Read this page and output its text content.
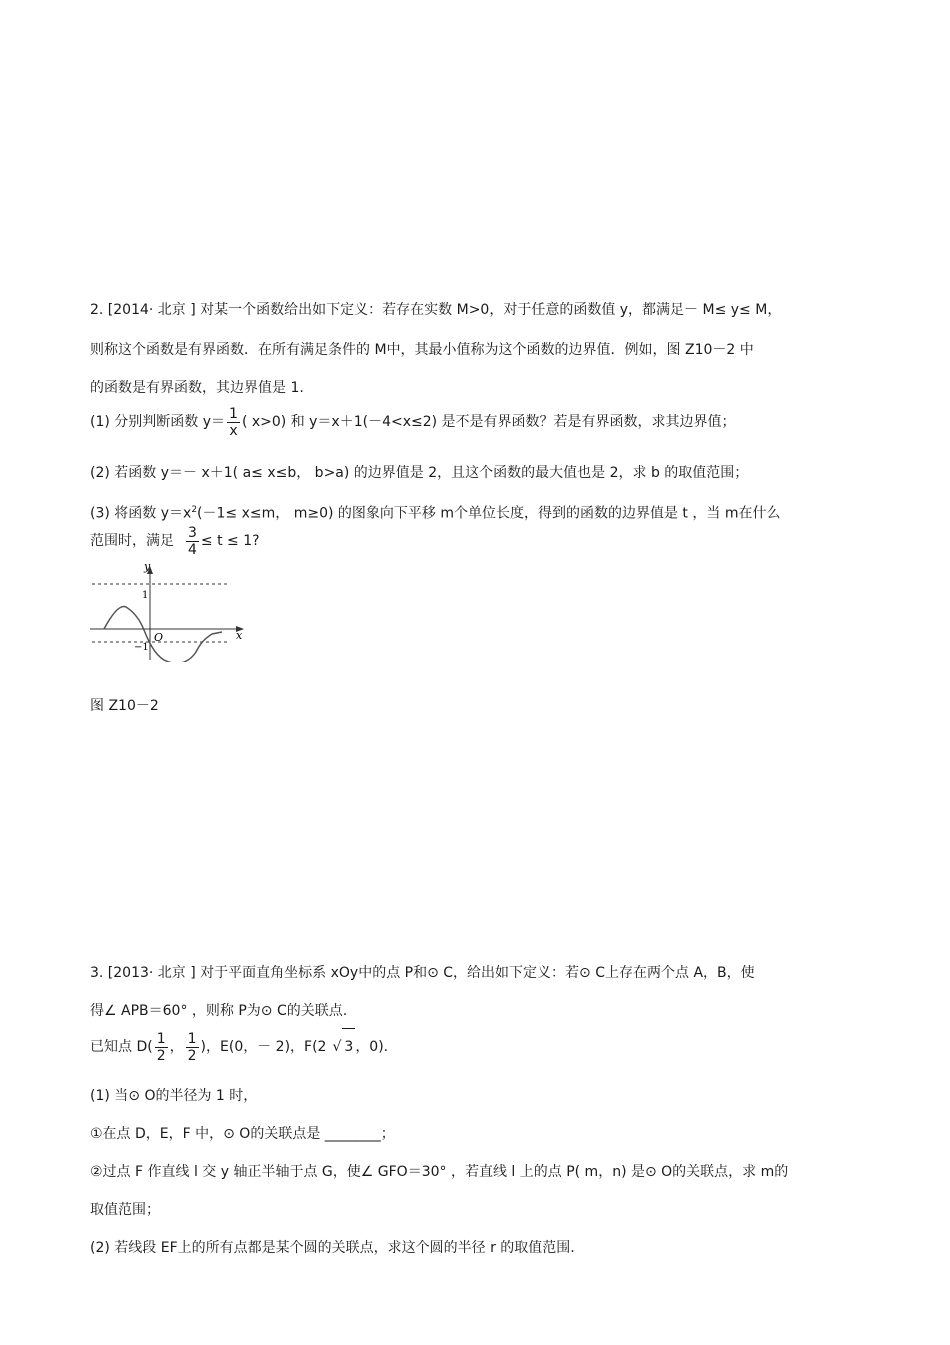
2. [2014· 北京 ] 对某一个函数给出如下定义：若存在实数 M>0，对于任意的函数值 y，都满足－ M≤ y≤ M，
则称这个函数是有界函数．在所有满足条件的 M中，其最小值称为这个函数的边界值．例如，图 Z10－2 中
的函数是有界函数，其边界值是 1.
(1) 分别判断函数 $y= \frac{1}{x}$ ( x>0) 和 y＝x＋1(－4<x≤2) 是不是有界函数？若是有界函数，求其边界值；
(2) 若函数 y＝－ x＋1( a≤ x≤b， b>a) 的边界值是 2，且这个函数的最大值也是 2，求 b 的取值范围；
(3) 将函数 $y=x^2(-1\le x\le m$， m≥0) 的图象向下平移 m个单位长度，得到的函数的边界值是 t ，当 m在什么
范围时，满足 $\frac{3}{4} \le t \le 1$?
y
x
O
1
−1
图 Z10－2
3. [2013· 北京 ] 对于平面直角坐标系 xOy中的点 P和⊙ C，给出如下定义：若⊙ C上存在两个点 A，B，使
得∠ APB＝60° ，则称 P为⊙ C的关联点.
已知点 $D( \frac{1}{2}$ ， $\frac{1}{2}$ )，E(0，－ 2)，F(2 √ 3 ，0).
(1) 当⊙ O的半径为 1 时，
①在点 D，E，F 中，⊙ O的关联点是 ________；
②过点 F 作直线 l 交 y 轴正半轴于点 G，使∠ GFO＝30° ，若直线 l 上的点 P( m，n) 是⊙ O的关联点，求 m的
取值范围；
(2) 若线段 EF上的所有点都是某个圆的关联点，求这个圆的半径 r 的取值范围.
